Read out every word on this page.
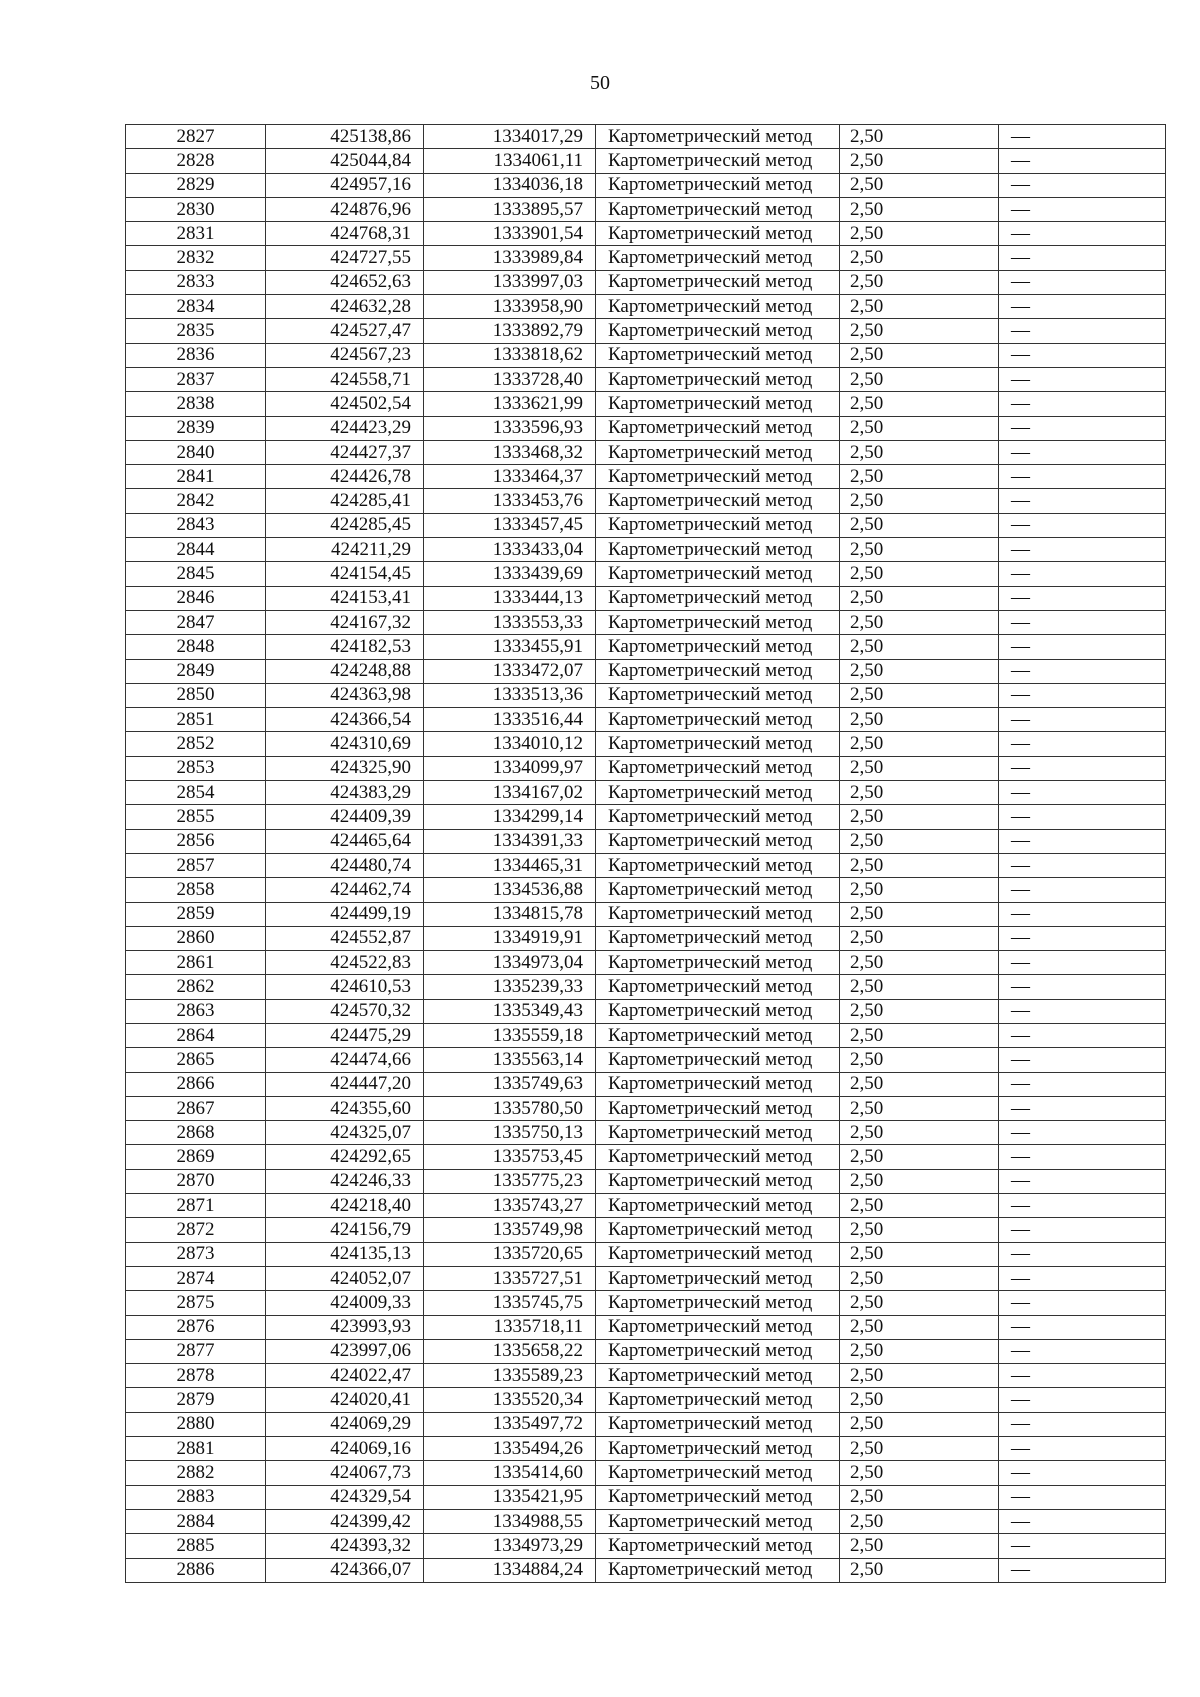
50
2827	425138,86	1334017,29	Картометрический метод	2,50	—
2828	425044,84	1334061,11	Картометрический метод	2,50	—
2829	424957,16	1334036,18	Картометрический метод	2,50	—
2830	424876,96	1333895,57	Картометрический метод	2,50	—
2831	424768,31	1333901,54	Картометрический метод	2,50	—
2832	424727,55	1333989,84	Картометрический метод	2,50	—
2833	424652,63	1333997,03	Картометрический метод	2,50	—
2834	424632,28	1333958,90	Картометрический метод	2,50	—
2835	424527,47	1333892,79	Картометрический метод	2,50	—
2836	424567,23	1333818,62	Картометрический метод	2,50	—
2837	424558,71	1333728,40	Картометрический метод	2,50	—
2838	424502,54	1333621,99	Картометрический метод	2,50	—
2839	424423,29	1333596,93	Картометрический метод	2,50	—
2840	424427,37	1333468,32	Картометрический метод	2,50	—
2841	424426,78	1333464,37	Картометрический метод	2,50	—
2842	424285,41	1333453,76	Картометрический метод	2,50	—
2843	424285,45	1333457,45	Картометрический метод	2,50	—
2844	424211,29	1333433,04	Картометрический метод	2,50	—
2845	424154,45	1333439,69	Картометрический метод	2,50	—
2846	424153,41	1333444,13	Картометрический метод	2,50	—
2847	424167,32	1333553,33	Картометрический метод	2,50	—
2848	424182,53	1333455,91	Картометрический метод	2,50	—
2849	424248,88	1333472,07	Картометрический метод	2,50	—
2850	424363,98	1333513,36	Картометрический метод	2,50	—
2851	424366,54	1333516,44	Картометрический метод	2,50	—
2852	424310,69	1334010,12	Картометрический метод	2,50	—
2853	424325,90	1334099,97	Картометрический метод	2,50	—
2854	424383,29	1334167,02	Картометрический метод	2,50	—
2855	424409,39	1334299,14	Картометрический метод	2,50	—
2856	424465,64	1334391,33	Картометрический метод	2,50	—
2857	424480,74	1334465,31	Картометрический метод	2,50	—
2858	424462,74	1334536,88	Картометрический метод	2,50	—
2859	424499,19	1334815,78	Картометрический метод	2,50	—
2860	424552,87	1334919,91	Картометрический метод	2,50	—
2861	424522,83	1334973,04	Картометрический метод	2,50	—
2862	424610,53	1335239,33	Картометрический метод	2,50	—
2863	424570,32	1335349,43	Картометрический метод	2,50	—
2864	424475,29	1335559,18	Картометрический метод	2,50	—
2865	424474,66	1335563,14	Картометрический метод	2,50	—
2866	424447,20	1335749,63	Картометрический метод	2,50	—
2867	424355,60	1335780,50	Картометрический метод	2,50	—
2868	424325,07	1335750,13	Картометрический метод	2,50	—
2869	424292,65	1335753,45	Картометрический метод	2,50	—
2870	424246,33	1335775,23	Картометрический метод	2,50	—
2871	424218,40	1335743,27	Картометрический метод	2,50	—
2872	424156,79	1335749,98	Картометрический метод	2,50	—
2873	424135,13	1335720,65	Картометрический метод	2,50	—
2874	424052,07	1335727,51	Картометрический метод	2,50	—
2875	424009,33	1335745,75	Картометрический метод	2,50	—
2876	423993,93	1335718,11	Картометрический метод	2,50	—
2877	423997,06	1335658,22	Картометрический метод	2,50	—
2878	424022,47	1335589,23	Картометрический метод	2,50	—
2879	424020,41	1335520,34	Картометрический метод	2,50	—
2880	424069,29	1335497,72	Картометрический метод	2,50	—
2881	424069,16	1335494,26	Картометрический метод	2,50	—
2882	424067,73	1335414,60	Картометрический метод	2,50	—
2883	424329,54	1335421,95	Картометрический метод	2,50	—
2884	424399,42	1334988,55	Картометрический метод	2,50	—
2885	424393,32	1334973,29	Картометрический метод	2,50	—
2886	424366,07	1334884,24	Картометрический метод	2,50	—
